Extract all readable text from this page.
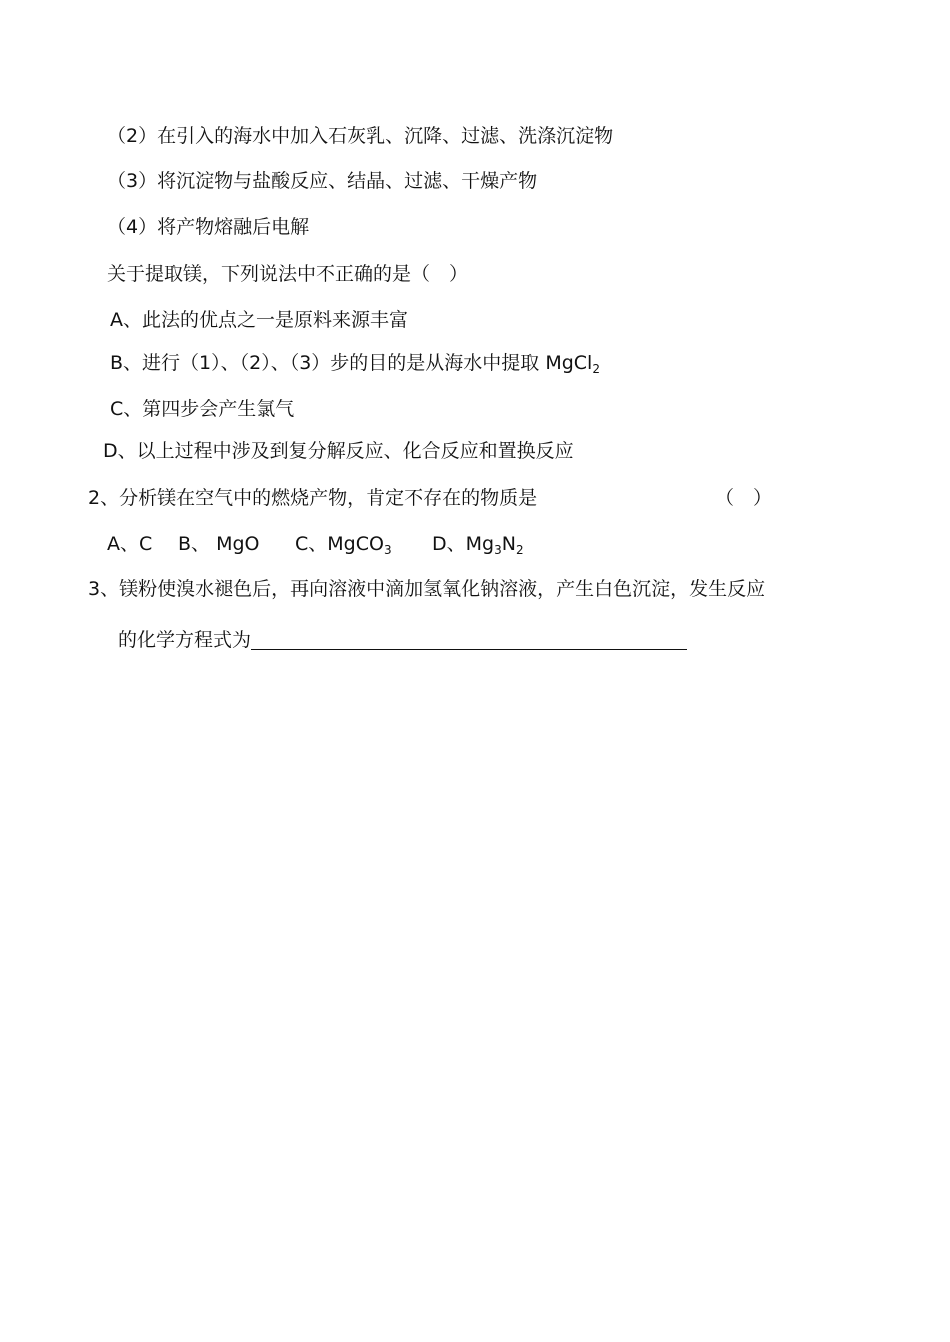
（2）在引入的海水中加入石灰乳、沉降、过滤、洗涤沉淀物
（3）将沉淀物与盐酸反应、结晶、过滤、干燥产物
（4）将产物熔融后电解
关于提取镁，下列说法中不正确的是（　）
A、此法的优点之一是原料来源丰富
B、进行（1）、（2）、（3）步的目的是从海水中提取 MgCl$_2$
C、第四步会产生氯气
D、以上过程中涉及到复分解反应、化合反应和置换反应
2、分析镁在空气中的燃烧产物，肯定不存在的物质是	（　）
A、C B、 MgO C、MgCO$_3$ D、$Mg_3N_2$
3、镁粉使溴水褪色后，再向溶液中滴加氢氧化钠溶液，产生白色沉淀，发生反应
的化学方程式为
